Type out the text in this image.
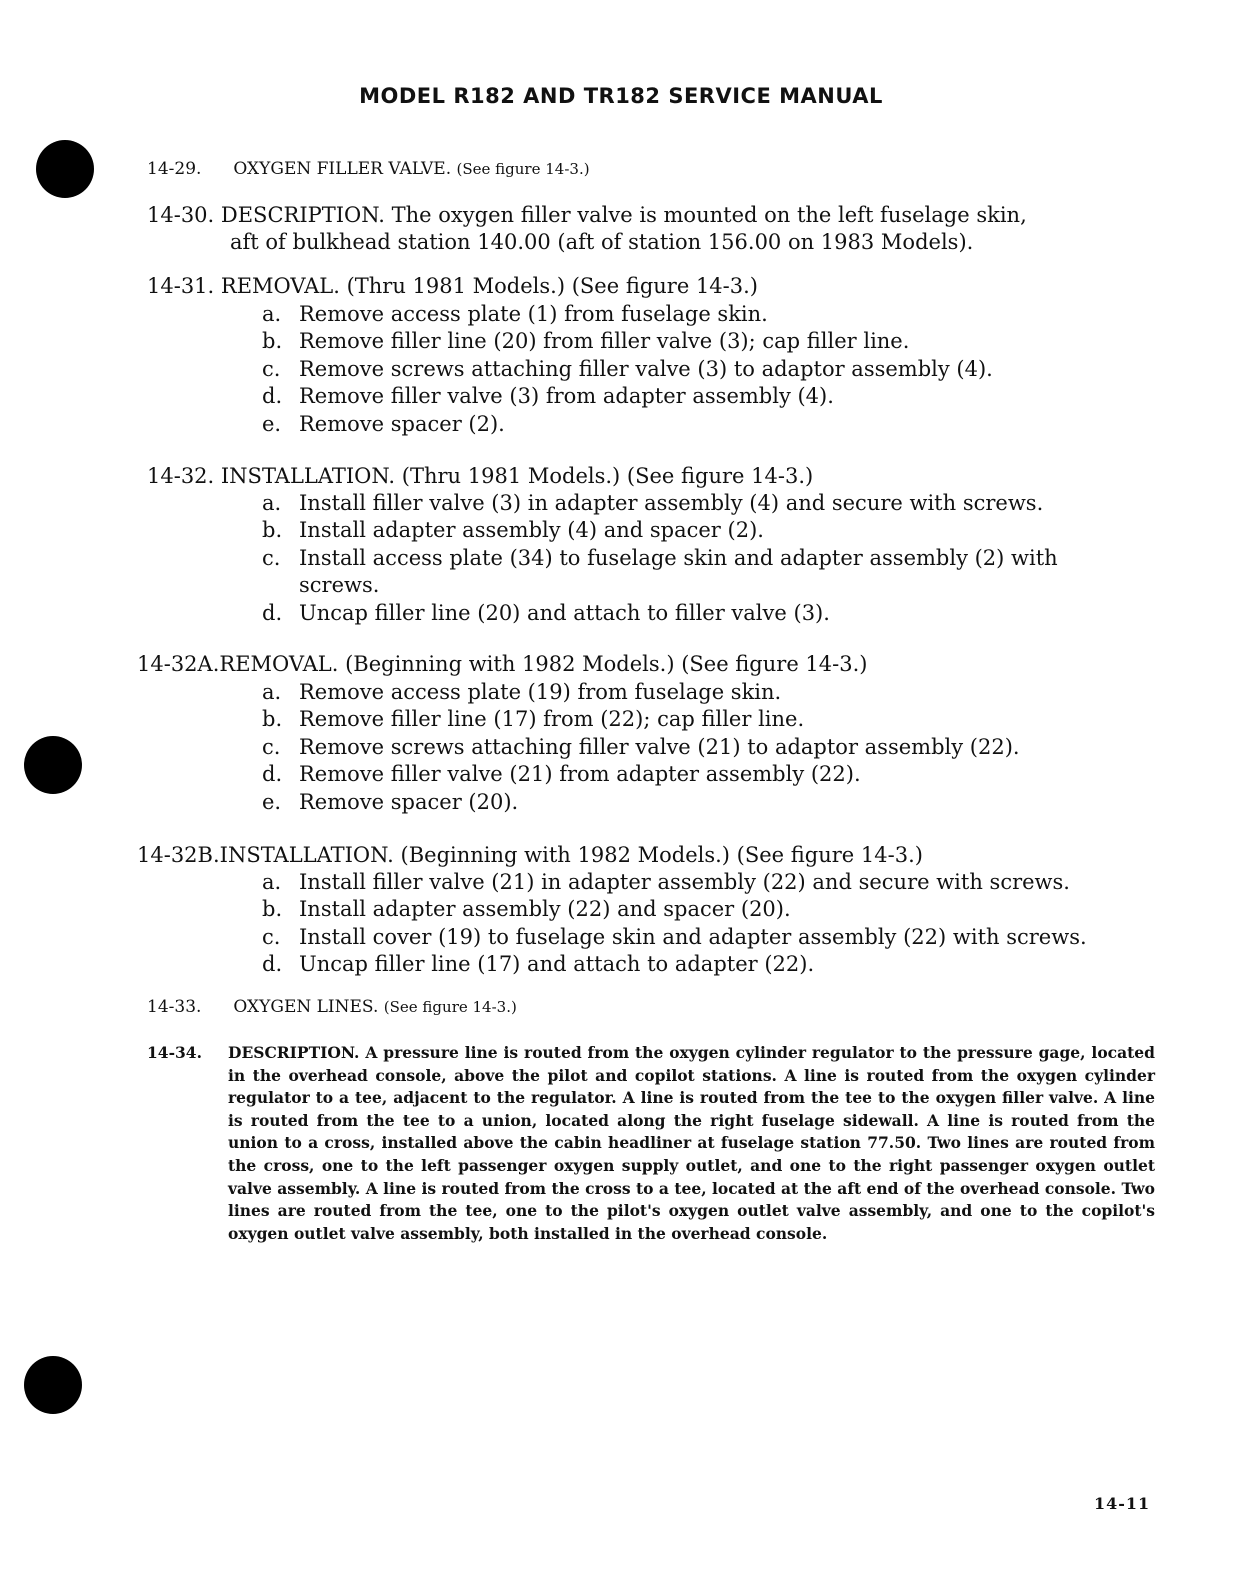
MODEL R182 AND TR182 SERVICE MANUAL
14-29. OXYGEN FILLER VALVE. (See figure 14-3.)
14-30. DESCRIPTION. The oxygen filler valve is mounted on the left fuselage skin,
aft of bulkhead station 140.00 (aft of station 156.00 on 1983 Models).
14-31. REMOVAL. (Thru 1981 Models.) (See figure 14-3.)
a. Remove access plate (1) from fuselage skin.
b. Remove filler line (20) from filler valve (3); cap filler line.
c. Remove screws attaching filler valve (3) to adaptor assembly (4).
d. Remove filler valve (3) from adapter assembly (4).
e. Remove spacer (2).
14-32. INSTALLATION. (Thru 1981 Models.) (See figure 14-3.)
a. Install filler valve (3) in adapter assembly (4) and secure with screws.
b. Install adapter assembly (4) and spacer (2).
c. Install access plate (34) to fuselage skin and adapter assembly (2) with
screws.
d. Uncap filler line (20) and attach to filler valve (3).
14-32A.REMOVAL. (Beginning with 1982 Models.) (See figure 14-3.)
a. Remove access plate (19) from fuselage skin.
b. Remove filler line (17) from (22); cap filler line.
c. Remove screws attaching filler valve (21) to adaptor assembly (22).
d. Remove filler valve (21) from adapter assembly (22).
e. Remove spacer (20).
14-32B.INSTALLATION. (Beginning with 1982 Models.) (See figure 14-3.)
a. Install filler valve (21) in adapter assembly (22) and secure with screws.
b. Install adapter assembly (22) and spacer (20).
c. Install cover (19) to fuselage skin and adapter assembly (22) with screws.
d. Uncap filler line (17) and attach to adapter (22).
14-33. OXYGEN LINES. (See figure 14-3.)
14-34. DESCRIPTION. A pressure line is routed from the oxygen cylinder regulator to the pressure gage, located in the overhead console, above the pilot and copilot stations. A line is routed from the oxygen cylinder regulator to a tee, adjacent to the regulator. A line is routed from the tee to the oxygen filler valve. A line is routed from the tee to a union, located along the right fuselage sidewall. A line is routed from the union to a cross, installed above the cabin headliner at fuselage station 77.50. Two lines are routed from the cross, one to the left passenger oxygen supply outlet, and one to the right passenger oxygen outlet valve assembly. A line is routed from the cross to a tee, located at the aft end of the overhead console. Two lines are routed from the tee, one to the pilot's oxygen outlet valve assembly, and one to the copilot's oxygen outlet valve assembly, both installed in the overhead console.
14-11
